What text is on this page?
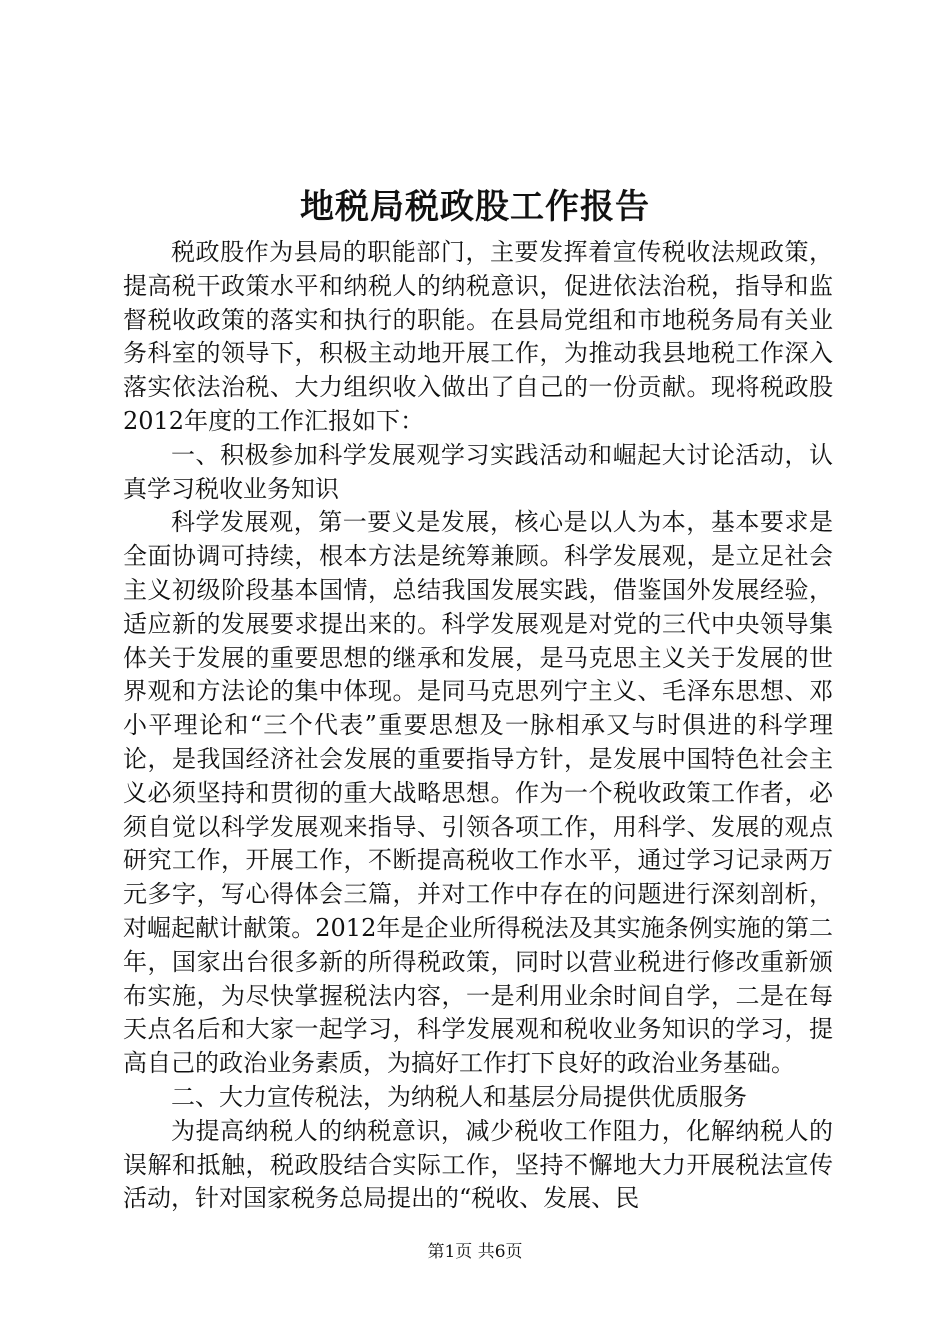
地税局税政股工作报告

税政股作为县局的职能部门，主要发挥着宣传税收法规政策，提高税干政策水平和纳税人的纳税意识，促进依法治税，指导和监督税收政策的落实和执行的职能。在县局党组和市地税务局有关业务科室的领导下，积极主动地开展工作，为推动我县地税工作深入落实依法治税、大力组织收入做出了自己的一份贡献。现将税政股2012年度的工作汇报如下：

一、积极参加科学发展观学习实践活动和崛起大讨论活动，认真学习税收业务知识

科学发展观，第一要义是发展，核心是以人为本，基本要求是全面协调可持续，根本方法是统筹兼顾。科学发展观，是立足社会主义初级阶段基本国情，总结我国发展实践，借鉴国外发展经验，适应新的发展要求提出来的。科学发展观是对党的三代中央领导集体关于发展的重要思想的继承和发展，是马克思主义关于发展的世界观和方法论的集中体现。是同马克思列宁主义、毛泽东思想、邓小平理论和“三个代表”重要思想及一脉相承又与时俱进的科学理论，是我国经济社会发展的重要指导方针，是发展中国特色社会主义必须坚持和贯彻的重大战略思想。作为一个税收政策工作者，必须自觉以科学发展观来指导、引领各项工作，用科学、发展的观点研究工作，开展工作，不断提高税收工作水平，通过学习记录两万元多字，写心得体会三篇，并对工作中存在的问题进行深刻剖析，对崛起献计献策。2012年是企业所得税法及其实施条例实施的第二年，国家出台很多新的所得税政策，同时以营业税进行修改重新颁布实施，为尽快掌握税法内容，一是利用业余时间自学，二是在每天点名后和大家一起学习，科学发展观和税收业务知识的学习，提高自己的政治业务素质，为搞好工作打下良好的政治业务基础。

二、大力宣传税法，为纳税人和基层分局提供优质服务

为提高纳税人的纳税意识，减少税收工作阻力，化解纳税人的误解和抵触，税政股结合实际工作，坚持不懈地大力开展税法宣传活动，针对国家税务总局提出的“税收、发展、民

第1页 共6页
